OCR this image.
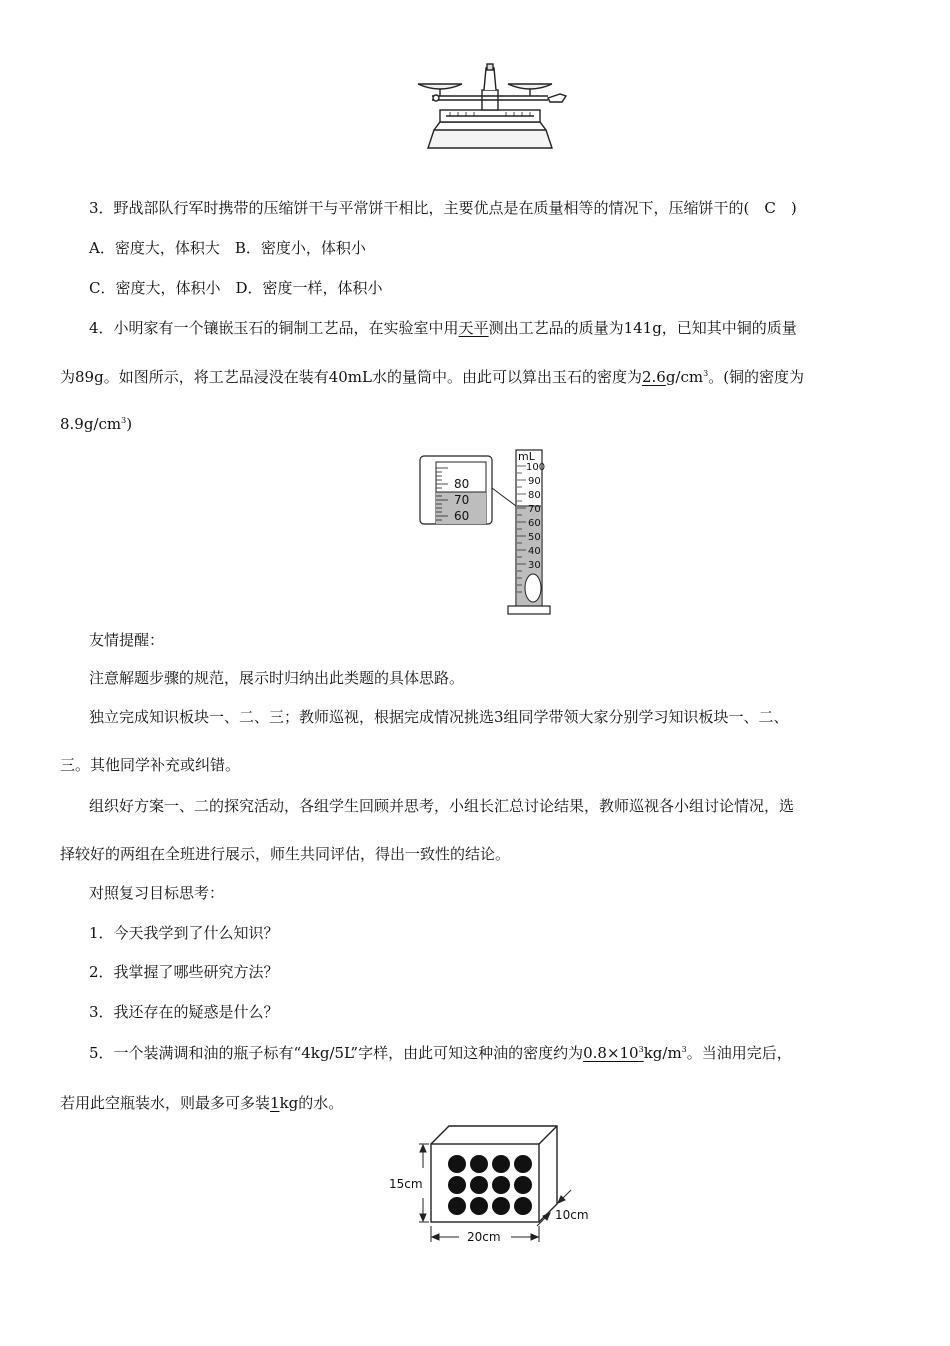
3．野战部队行军时携带的压缩饼干与平常饼干相比，主要优点是在质量相等的情况下，压缩饼干的(　C　)
A．密度大，体积大　B．密度小，体积小
C．密度大，体积小　D．密度一样，体积小
4．小明家有一个镶嵌玉石的铜制工艺品，在实验室中用天平测出工艺品的质量为141g，已知其中铜的质量
为89g。如图所示，将工艺品浸没在装有40mL水的量筒中。由此可以算出玉石的密度为$2.6g/cm^3$。(铜的密度为
$8.9g/cm^3$)
80
70
60
mL
100
90
80
70
60
50
40
30
友情提醒：
注意解题步骤的规范，展示时归纳出此类题的具体思路。
独立完成知识板块一、二、三；教师巡视，根据完成情况挑选3组同学带领大家分别学习知识板块一、二、
三。其他同学补充或纠错。
组织好方案一、二的探究活动，各组学生回顾并思考，小组长汇总讨论结果，教师巡视各小组讨论情况，选
择较好的两组在全班进行展示，师生共同评估，得出一致性的结论。
对照复习目标思考：
1．今天我学到了什么知识？
2．我掌握了哪些研究方法？
3．我还存在的疑惑是什么？
5．一个装满调和油的瓶子标有“4kg/5L”字样，由此可知这种油的密度约为$0.8\times 10^3kg/m^3$。当油用完后，
若用此空瓶装水，则最多可多装1kg的水。
15cm
10cm
20cm
